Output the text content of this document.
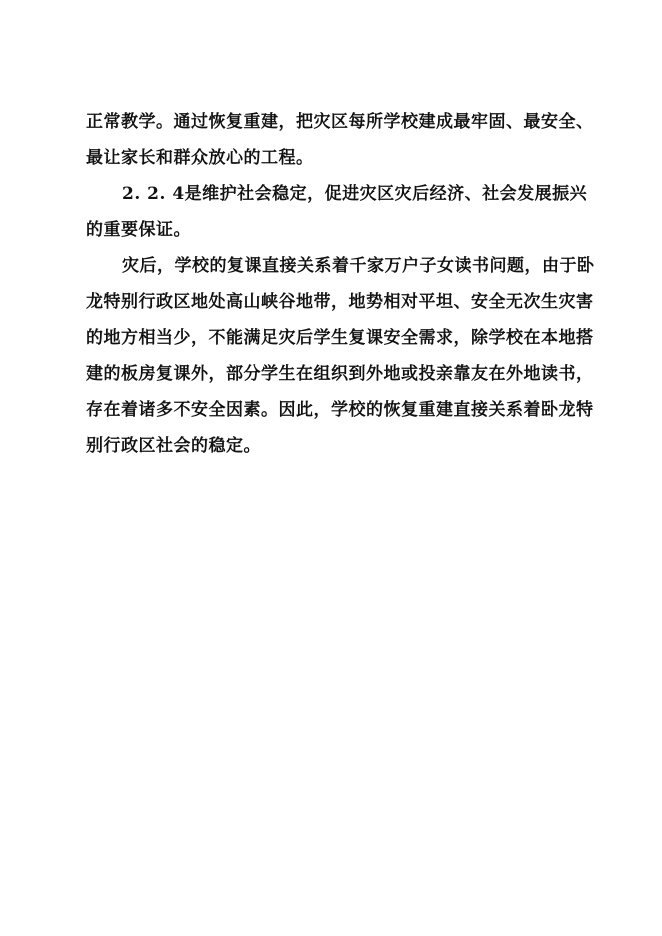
正常教学。通过恢复重建，把灾区每所学校建成最牢固、最安全、
最让家长和群众放心的工程。
2. 2. 4是维护社会稳定，促进灾区灾后经济、社会发展振兴
的重要保证。
灾后，学校的复课直接关系着千家万户子女读书问题，由于卧
龙特别行政区地处高山峡谷地带，地势相对平坦、安全无次生灾害
的地方相当少，不能满足灾后学生复课安全需求，除学校在本地搭
建的板房复课外，部分学生在组织到外地或投亲靠友在外地读书，
存在着诸多不安全因素。因此，学校的恢复重建直接关系着卧龙特
别行政区社会的稳定。
